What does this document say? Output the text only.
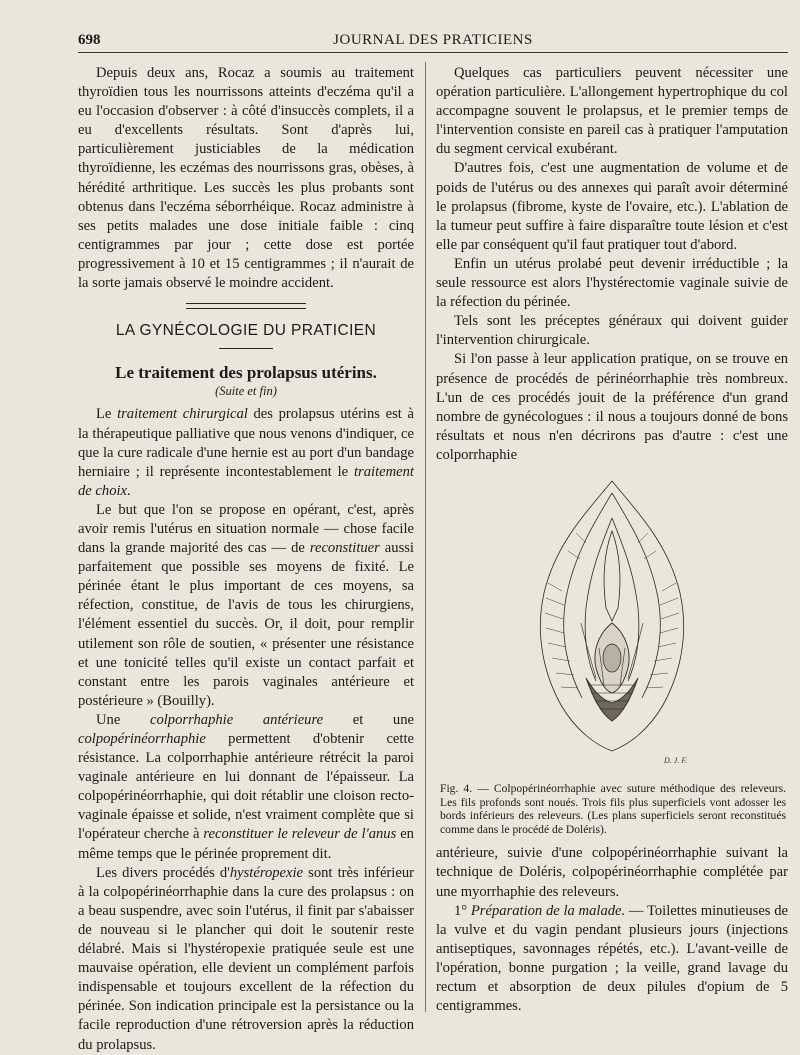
698	JOURNAL DES PRATICIENS

Depuis deux ans, Rocaz a soumis au traitement thyroïdien tous les nourrissons atteints d'eczéma qu'il a eu l'occasion d'observer : à côté d'insuccès complets, il a eu d'excellents résultats. Sont d'après lui, particulièrement justiciables de la médication thyroïdienne, les eczémas des nourrissons gras, obèses, à hérédité arthritique. Les succès les plus probants sont obtenus dans l'eczéma séborrhéique. Rocaz administre à ses petits malades une dose initiale faible : cinq centigrammes par jour ; cette dose est portée progressivement à 10 et 15 centigrammes ; il n'aurait de la sorte jamais observé le moindre accident.

LA GYNÉCOLOGIE DU PRATICIEN
Le traitement des prolapsus utérins.
(Suite et fin)

Le traitement chirurgical des prolapsus utérins est à la thérapeutique palliative que nous venons d'indiquer, ce que la cure radicale d'une hernie est au port d'un bandage herniaire ; il représente incontestablement le traitement de choix.

Le but que l'on se propose en opérant, c'est, après avoir remis l'utérus en situation normale — chose facile dans la grande majorité des cas — de reconstituer aussi parfaitement que possible ses moyens de fixité. Le périnée étant le plus important de ces moyens, sa réfection, constitue, de l'avis de tous les chirurgiens, l'élément essentiel du succès. Or, il doit, pour remplir utilement son rôle de soutien, « présenter une résistance et une tonicité telles qu'il existe un contact parfait et constant entre les parois vaginales antérieure et postérieure » (Bouilly).

Une colporrhaphie antérieure et une colpopérinéorrhaphie permettent d'obtenir cette résistance. La colporrhaphie antérieure rétrécit la paroi vaginale antérieure en lui donnant de l'épaisseur. La colpopérinéorrhaphie, qui doit rétablir une cloison recto-vaginale épaisse et solide, n'est vraiment complète que si l'opérateur cherche à reconstituer le releveur de l'anus en même temps que le périnée proprement dit.

Les divers procédés d'hystéropexie sont très inférieur à la colpopérinéorrhaphie dans la cure des prolapsus : on a beau suspendre, avec soin l'utérus, il finit par s'abaisser de nouveau si le plancher qui doit le soutenir reste délabré. Mais si l'hystéropexie pratiquée seule est une mauvaise opération, elle devient un complément parfois indispensable et toujours excellent de la réfection du périnée. Son indication principale est la persistance ou la facile reproduction d'une rétroversion après la réduction du prolapsus.

Quelques cas particuliers peuvent nécessiter une opération particulière. L'allongement hypertrophique du col accompagne souvent le prolapsus, et le premier temps de l'intervention consiste en pareil cas à pratiquer l'amputation du segment cervical exubérant.

D'autres fois, c'est une augmentation de volume et de poids de l'utérus ou des annexes qui paraît avoir déterminé le prolapsus (fibrome, kyste de l'ovaire, etc.). L'ablation de la tumeur peut suffire à faire disparaître toute lésion et c'est elle par conséquent qu'il faut pratiquer tout d'abord.

Enfin un utérus prolabé peut devenir irréductible ; la seule ressource est alors l'hystérectomie vaginale suivie de la réfection du périnée.

Tels sont les préceptes généraux qui doivent guider l'intervention chirurgicale.

Si l'on passe à leur application pratique, on se trouve en présence de procédés de périnéorrhaphie très nombreux. L'un de ces procédés jouit de la préférence d'un grand nombre de gynécologues : il nous a toujours donné de bons résultats et nous n'en décrirons pas d'autre : c'est une colporrhaphie

D. J. F.
Fig. 4. — Colpopérinéorrhaphie avec suture méthodique des releveurs. Les fils profonds sont noués. Trois fils plus superficiels vont adosser les bords inférieurs des releveurs. (Les plans superficiels seront reconstitués comme dans le procédé de Doléris).

antérieure, suivie d'une colpopérinéorrhaphie suivant la technique de Doléris, colpopérinéorrhaphie complétée par une myorrhaphie des releveurs.

1° Préparation de la malade. — Toilettes minutieuses de la vulve et du vagin pendant plusieurs jours (injections antiseptiques, savonnages répétés, etc.). L'avant-veille de l'opération, bonne purgation ; la veille, grand lavage du rectum et absorption de deux pilules d'opium de 5 centigrammes.
